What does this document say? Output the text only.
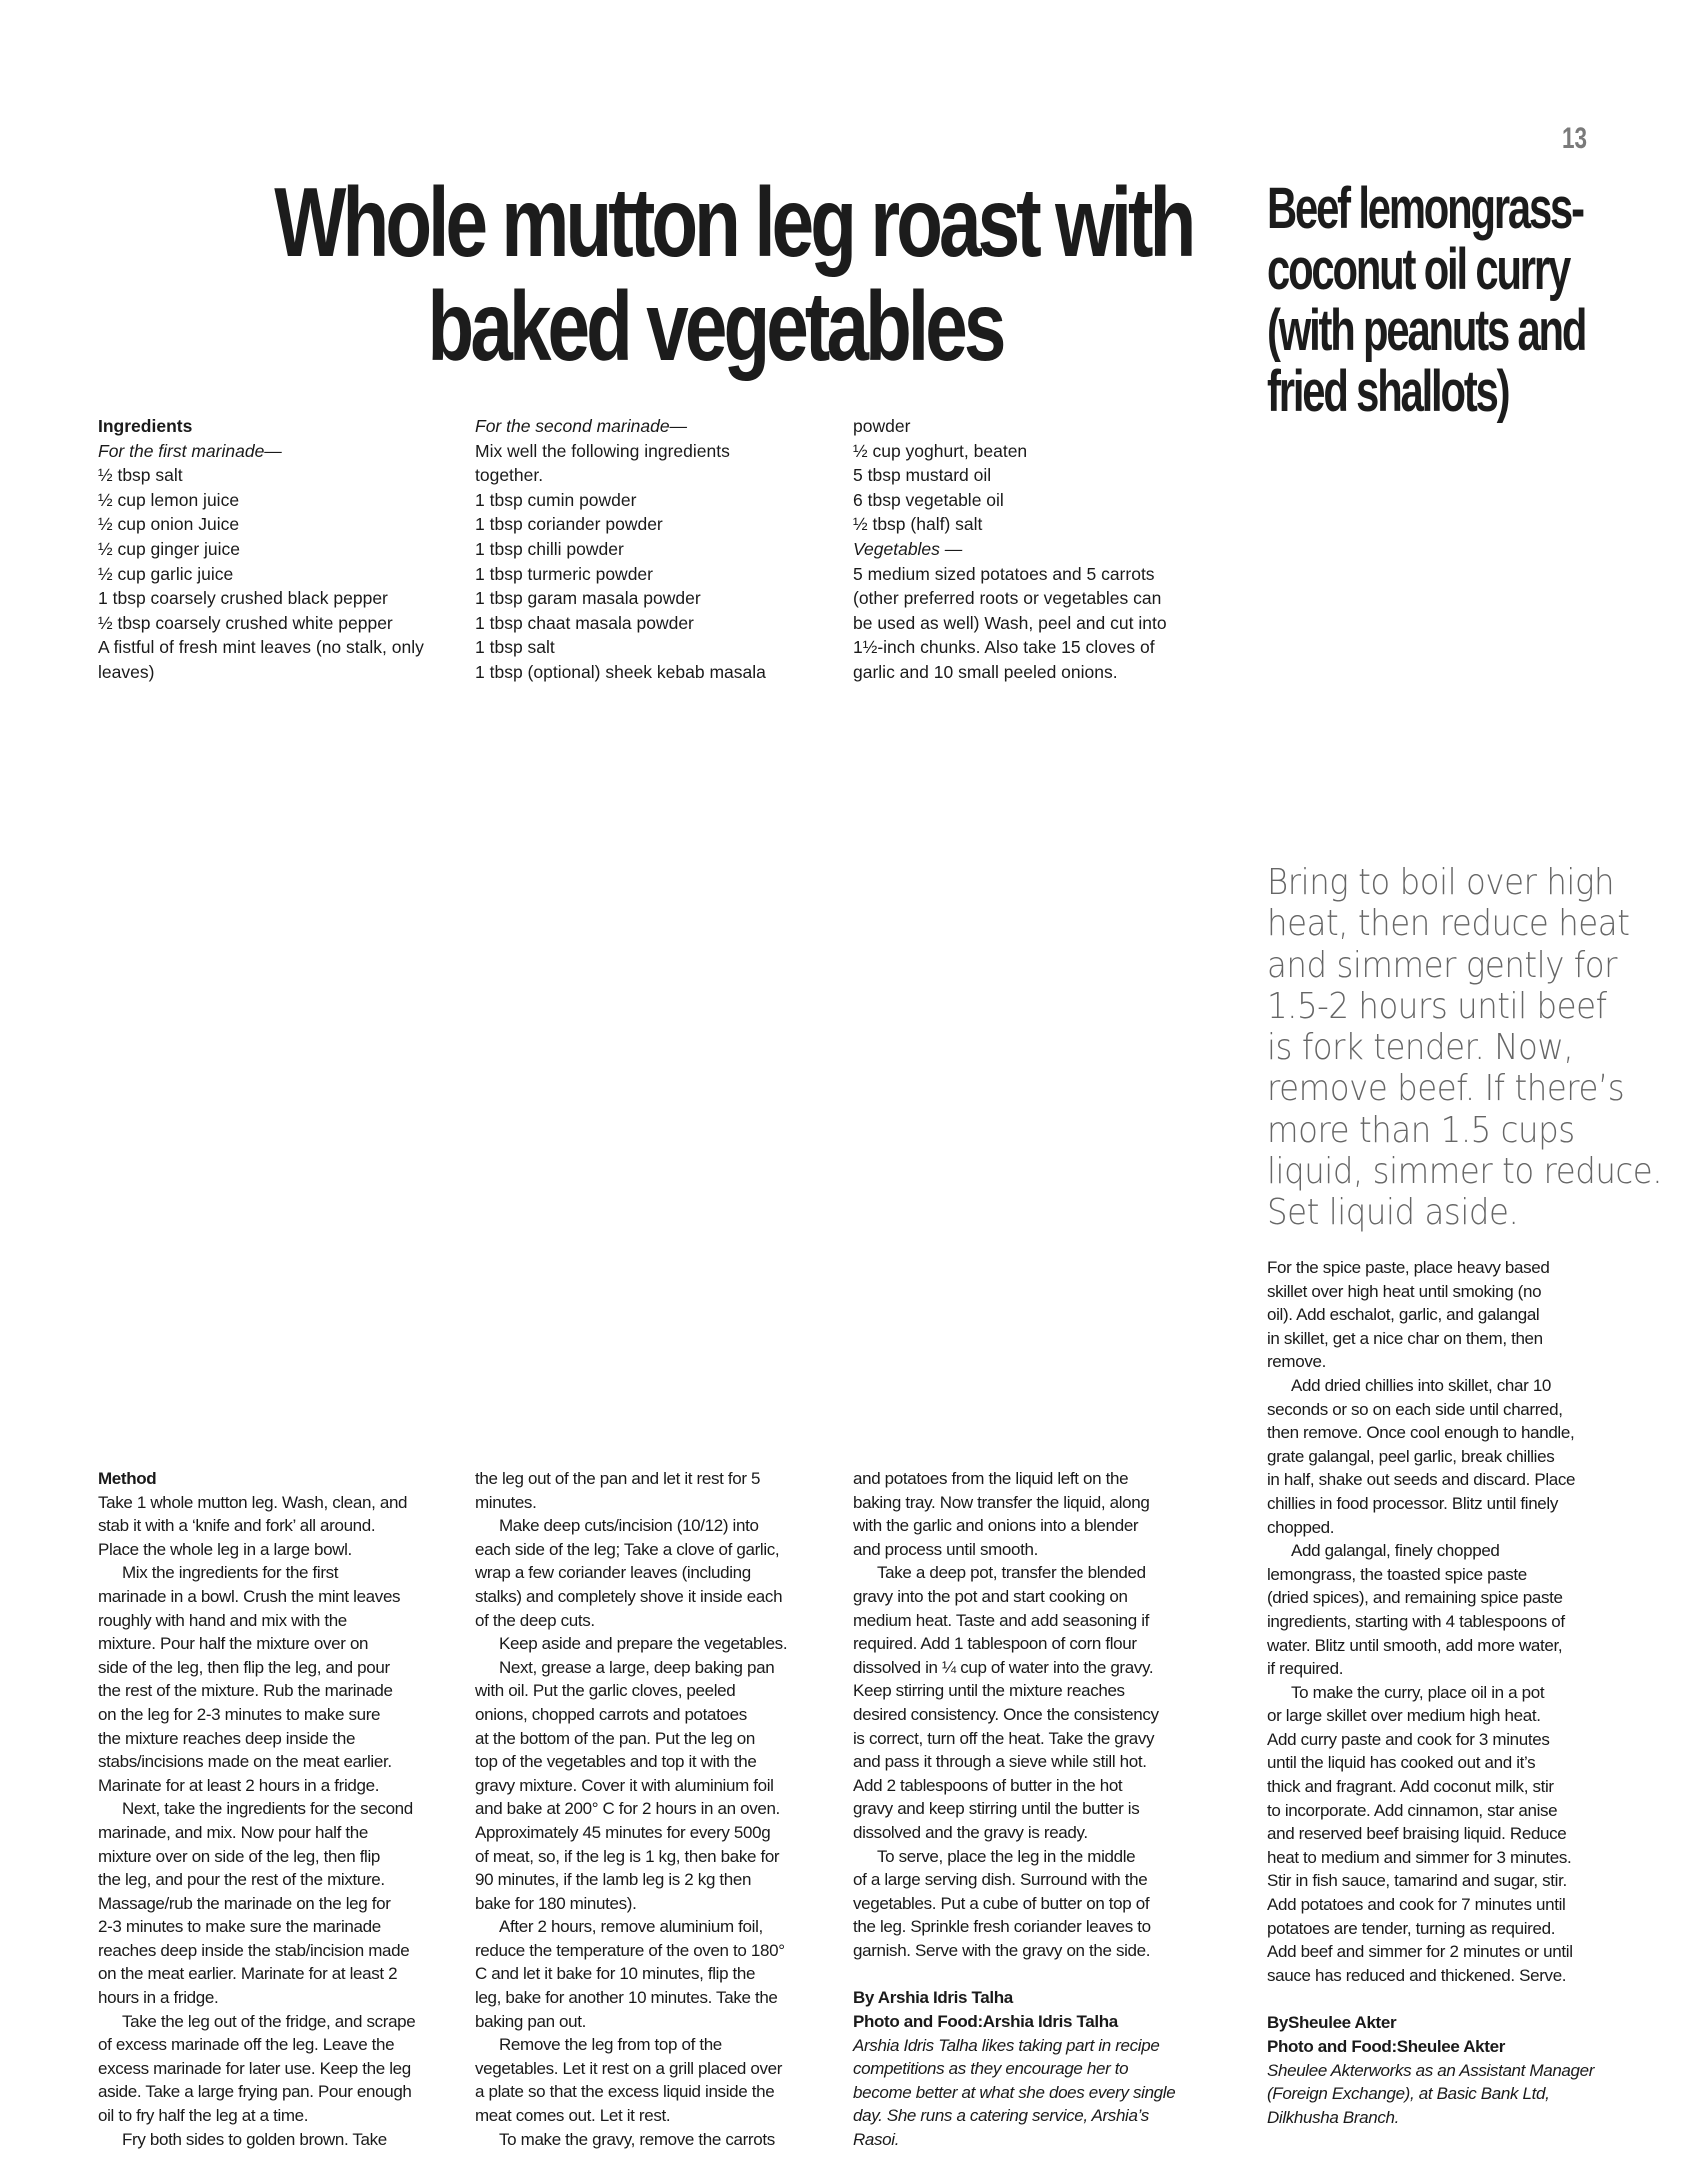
13
Whole mutton leg roast with
baked vegetables
Beef lemongrass-
coconut oil curry
(with peanuts and
fried shallots)
Ingredients
For the first marinade—
½ tbsp salt
½ cup lemon juice
½ cup onion Juice
½ cup ginger juice
½ cup garlic juice
1 tbsp coarsely crushed black pepper
½ tbsp coarsely crushed white pepper
A fistful of fresh mint leaves (no stalk, only
leaves)
For the second marinade—
Mix well the following ingredients
together.
1 tbsp cumin powder
1 tbsp coriander powder
1 tbsp chilli powder
1 tbsp turmeric powder
1 tbsp garam masala powder
1 tbsp chaat masala powder
1 tbsp salt
1 tbsp (optional) sheek kebab masala
powder
½ cup yoghurt, beaten
5 tbsp mustard oil
6 tbsp vegetable oil
½ tbsp (half) salt
Vegetables —
5 medium sized potatoes and 5 carrots
(other preferred roots or vegetables can
be used as well) Wash, peel and cut into
1½-inch chunks. Also take 15 cloves of
garlic and 10 small peeled onions.
Bring to boil over high
heat, then reduce heat
and simmer gently for
1.5-2 hours until beef
is fork tender. Now,
remove beef. If there’s
more than 1.5 cups
liquid, simmer to reduce.
Set liquid aside.
Method
Take 1 whole mutton leg. Wash, clean, and
stab it with a ‘knife and fork’ all around.
Place the whole leg in a large bowl.
Mix the ingredients for the first
marinade in a bowl. Crush the mint leaves
roughly with hand and mix with the
mixture. Pour half the mixture over on
side of the leg, then flip the leg, and pour
the rest of the mixture. Rub the marinade
on the leg for 2-3 minutes to make sure
the mixture reaches deep inside the
stabs/incisions made on the meat earlier.
Marinate for at least 2 hours in a fridge.
Next, take the ingredients for the second
marinade, and mix. Now pour half the
mixture over on side of the leg, then flip
the leg, and pour the rest of the mixture.
Massage/rub the marinade on the leg for
2-3 minutes to make sure the marinade
reaches deep inside the stab/incision made
on the meat earlier. Marinate for at least 2
hours in a fridge.
Take the leg out of the fridge, and scrape
of excess marinade off the leg. Leave the
excess marinade for later use. Keep the leg
aside. Take a large frying pan. Pour enough
oil to fry half the leg at a time.
Fry both sides to golden brown. Take
the leg out of the pan and let it rest for 5
minutes.
Make deep cuts/incision (10/12) into
each side of the leg; Take a clove of garlic,
wrap a few coriander leaves (including
stalks) and completely shove it inside each
of the deep cuts.
Keep aside and prepare the vegetables.
Next, grease a large, deep baking pan
with oil. Put the garlic cloves, peeled
onions, chopped carrots and potatoes
at the bottom of the pan. Put the leg on
top of the vegetables and top it with the
gravy mixture. Cover it with aluminium foil
and bake at 200° C for 2 hours in an oven.
Approximately 45 minutes for every 500g
of meat, so, if the leg is 1 kg, then bake for
90 minutes, if the lamb leg is 2 kg then
bake for 180 minutes).
After 2 hours, remove aluminium foil,
reduce the temperature of the oven to 180°
C and let it bake for 10 minutes, flip the
leg, bake for another 10 minutes. Take the
baking pan out.
Remove the leg from top of the
vegetables. Let it rest on a grill placed over
a plate so that the excess liquid inside the
meat comes out. Let it rest.
To make the gravy, remove the carrots
and potatoes from the liquid left on the
baking tray. Now transfer the liquid, along
with the garlic and onions into a blender
and process until smooth.
Take a deep pot, transfer the blended
gravy into the pot and start cooking on
medium heat. Taste and add seasoning if
required. Add 1 tablespoon of corn flour
dissolved in ¼ cup of water into the gravy.
Keep stirring until the mixture reaches
desired consistency. Once the consistency
is correct, turn off the heat. Take the gravy
and pass it through a sieve while still hot.
Add 2 tablespoons of butter in the hot
gravy and keep stirring until the butter is
dissolved and the gravy is ready.
To serve, place the leg in the middle
of a large serving dish. Surround with the
vegetables. Put a cube of butter on top of
the leg. Sprinkle fresh coriander leaves to
garnish. Serve with the gravy on the side.
By Arshia Idris Talha
Photo and Food:Arshia Idris Talha
Arshia Idris Talha likes taking part in recipe
competitions as they encourage her to
become better at what she does every single
day. She runs a catering service, Arshia’s
Rasoi.
For the spice paste, place heavy based
skillet over high heat until smoking (no
oil). Add eschalot, garlic, and galangal
in skillet, get a nice char on them, then
remove.
Add dried chillies into skillet, char 10
seconds or so on each side until charred,
then remove. Once cool enough to handle,
grate galangal, peel garlic, break chillies
in half, shake out seeds and discard. Place
chillies in food processor. Blitz until finely
chopped.
Add galangal, finely chopped
lemongrass, the toasted spice paste
(dried spices), and remaining spice paste
ingredients, starting with 4 tablespoons of
water. Blitz until smooth, add more water,
if required.
To make the curry, place oil in a pot
or large skillet over medium high heat.
Add curry paste and cook for 3 minutes
until the liquid has cooked out and it’s
thick and fragrant. Add coconut milk, stir
to incorporate. Add cinnamon, star anise
and reserved beef braising liquid. Reduce
heat to medium and simmer for 3 minutes.
Stir in fish sauce, tamarind and sugar, stir.
Add potatoes and cook for 7 minutes until
potatoes are tender, turning as required.
Add beef and simmer for 2 minutes or until
sauce has reduced and thickened. Serve.
BySheulee Akter
Photo and Food:Sheulee Akter
Sheulee Akterworks as an Assistant Manager
(Foreign Exchange), at Basic Bank Ltd,
Dilkhusha Branch.
